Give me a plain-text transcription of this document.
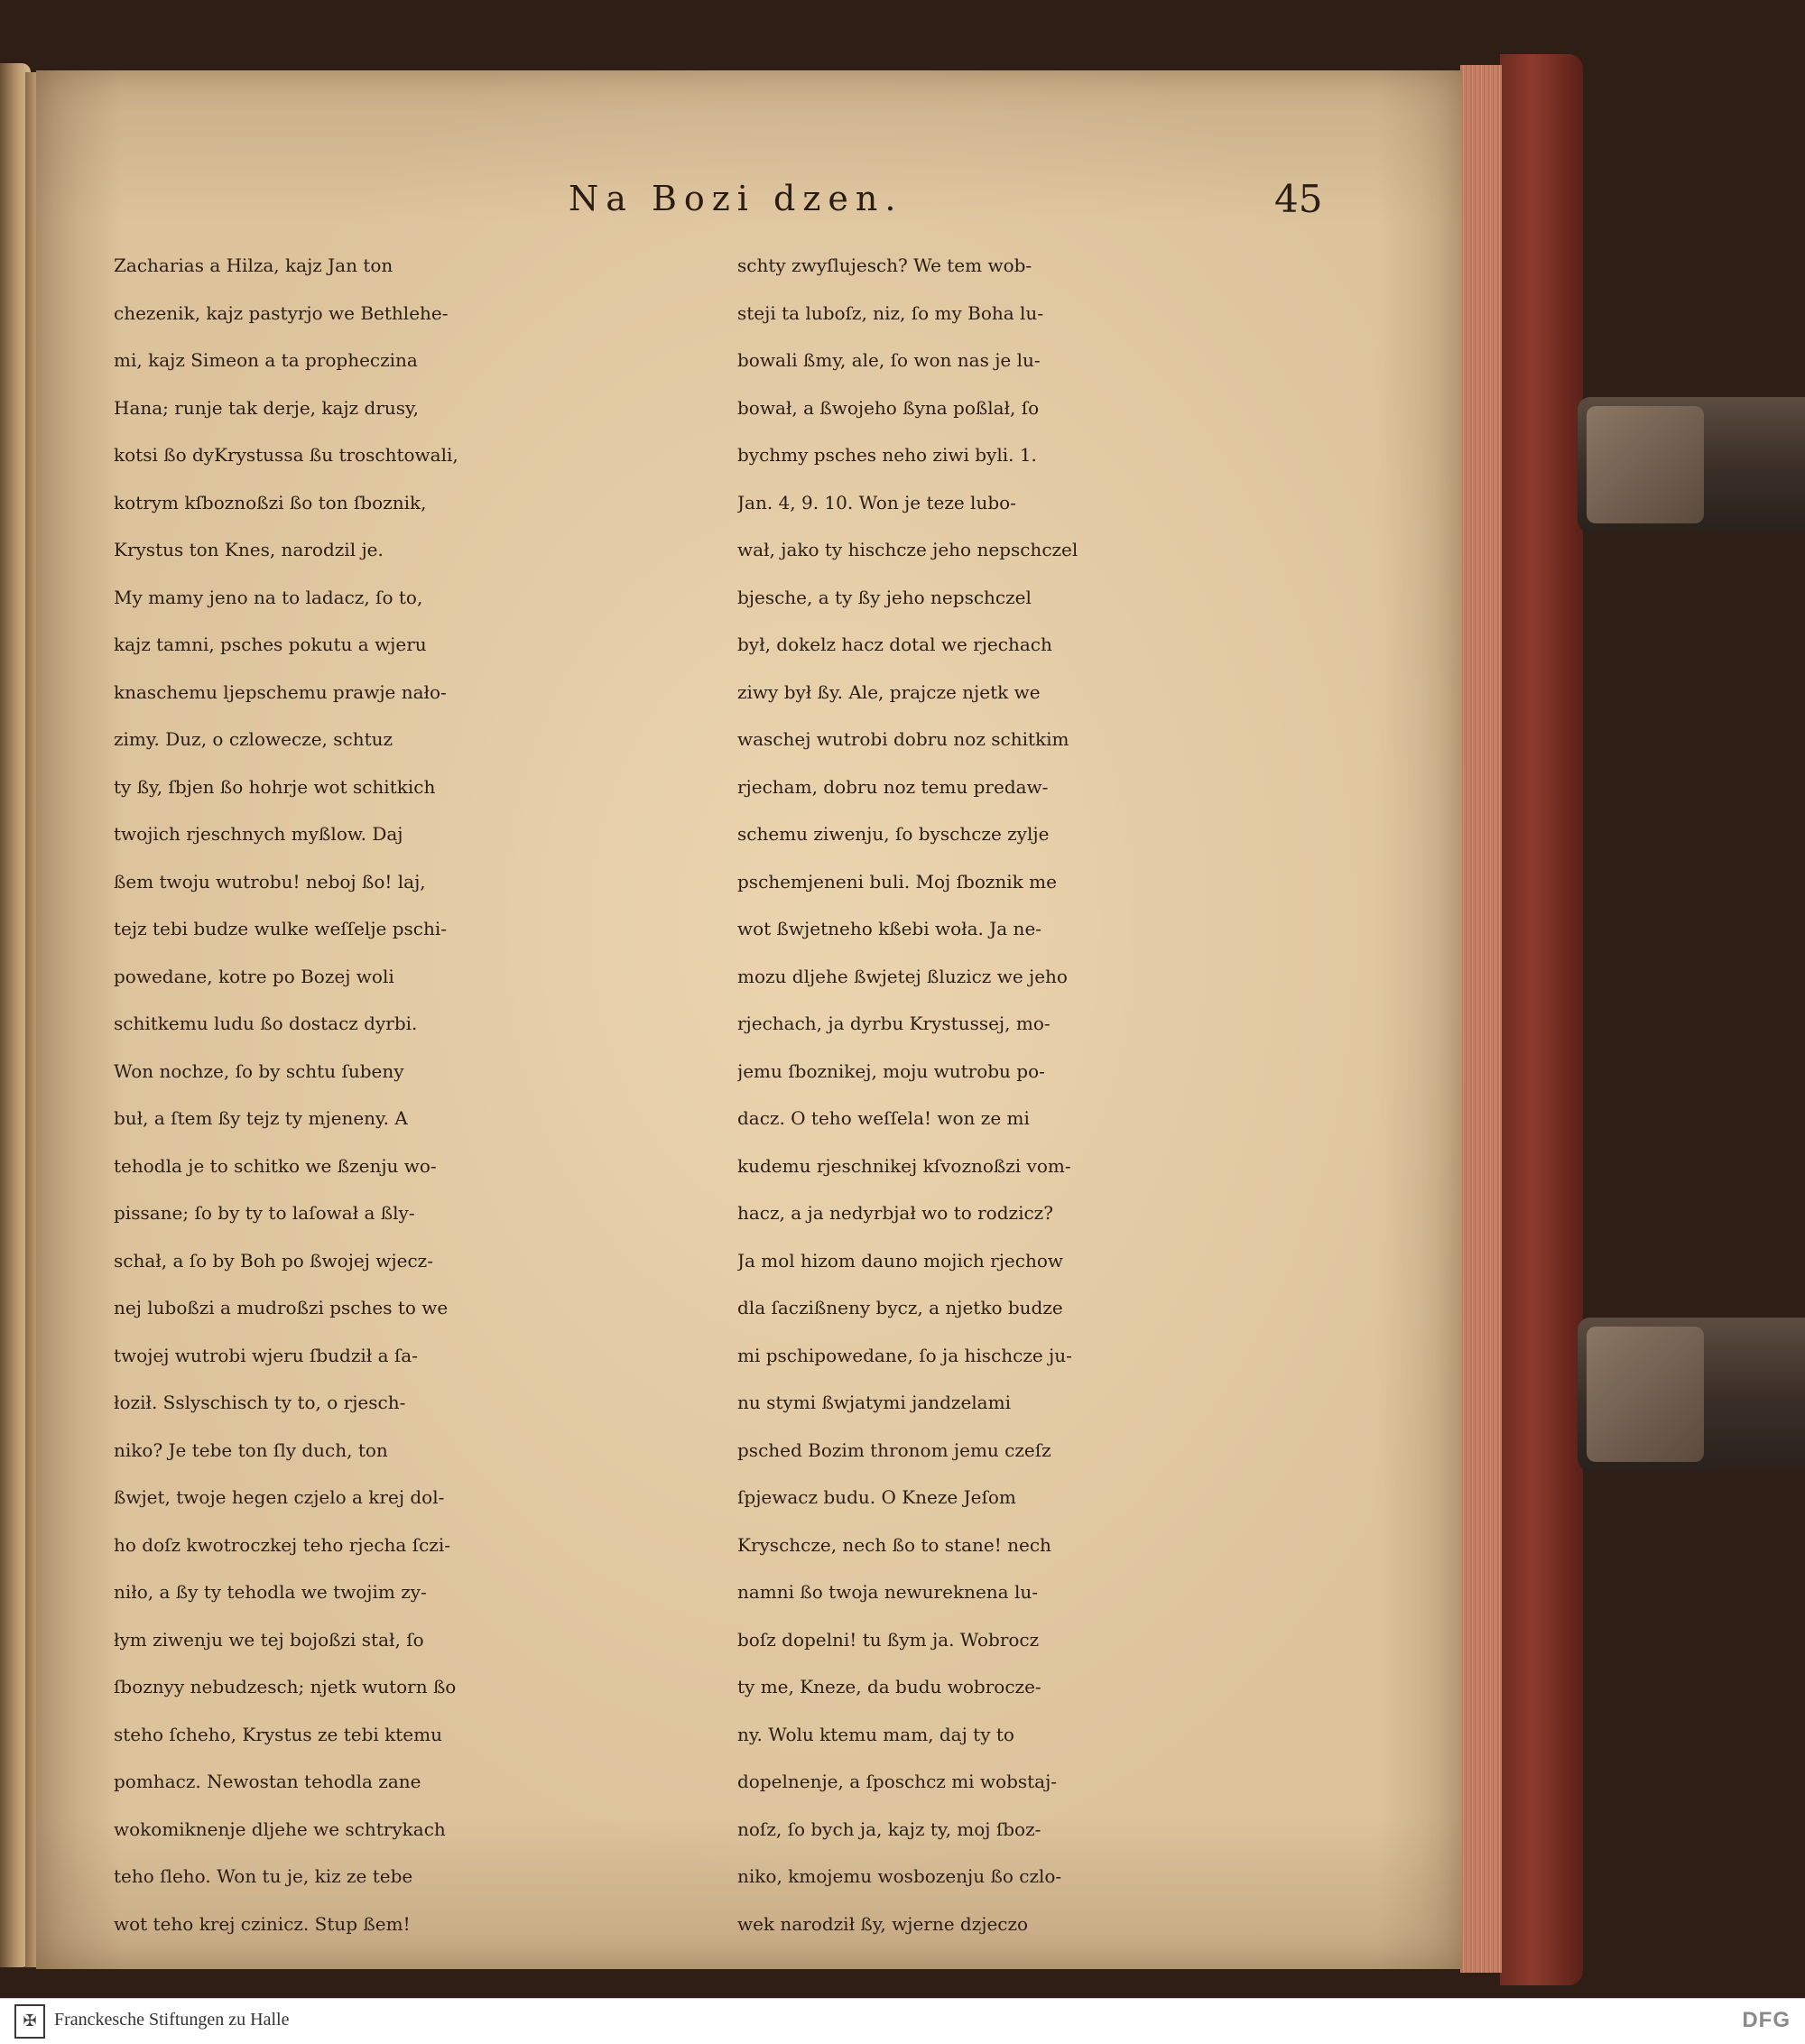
Na Bozi dzen.	45
Zacharias a Hilza, kajz Jan ton
chezenik, kajz pastyrjo we Bethlehe-
mi, kajz Simeon a ta propheczina
Hana; runje tak derje, kajz drusy,
kotsi ßo dyKrystussa ßu troschtowali,
kotrym kſboznoßzi ßo ton ſboznik,
Krystus ton Knes, narodzil je.
My mamy jeno na to ladacz, ſo to,
kajz tamni, psches pokutu a wjeru
knaschemu ljepschemu prawje nało-
zimy. Duz, o czlowecze, schtuz
ty ßy, ſbjen ßo hohrje wot schitkich
twojich rjeschnych myßlow. Daj
ßem twoju wutrobu! neboj ßo! laj,
tejz tebi budze wulke weſſelje pschi-
powedane, kotre po Bozej woli
schitkemu ludu ßo dostacz dyrbi.
Won nochze, ſo by schtu ſubeny
buł, a ſtem ßy tejz ty mjeneny. A
tehodla je to schitko we ßzenju wo-
pissane; ſo by ty to laſował a ßly-
schał, a ſo by Boh po ßwojej wjecz-
nej luboßzi a mudroßzi psches to we
twojej wutrobi wjeru ſbudził a ſa-
łoził. Sslyschisch ty to, o rjesch-
niko? Je tebe ton ſly duch, ton
ßwjet, twoje hegen czjelo a krej dol-
ho doſz kwotroczkej teho rjecha ſczi-
niło, a ßy ty tehodla we twojim zy-
łym ziwenju we tej bojoßzi stał, ſo
ſboznyy nebudzesch; njetk wutorn ßo
steho ſcheho, Krystus ze tebi ktemu
pomhacz. Newostan tehodla zane
wokomiknenje dljehe we schtrykach
teho ſleho. Won tu je, kiz ze tebe
wot teho krej czinicz. Stup ßem!
schty zwyſlujesch? We tem wob-
steji ta luboſz, niz, ſo my Boha lu-
bowali ßmy, ale, ſo won nas je lu-
bował, a ßwojeho ßyna poßlał, ſo
bychmy psches neho ziwi byli. 1.
Jan. 4, 9. 10. Won je teze lubo-
wał, jako ty hischcze jeho nepschczel
bjesche, a ty ßy jeho nepschczel
był, dokelz hacz dotal we rjechach
ziwy był ßy. Ale, prajcze njetk we
waschej wutrobi dobru noz schitkim
rjecham, dobru noz temu predaw-
schemu ziwenju, ſo byschcze zylje
pschemjeneni buli. Moj ſboznik me
wot ßwjetneho kßebi woła. Ja ne-
mozu dljehe ßwjetej ßluzicz we jeho
rjechach, ja dyrbu Krystussej, mo-
jemu ſboznikej, moju wutrobu po-
dacz. O teho weſſela! won ze mi
kudemu rjeschnikej kſvoznoßzi vom-
hacz, a ja nedyrbjał wo to rodzicz?
Ja mol hizom dauno mojich rjechow
dla ſaczißneny bycz, a njetko budze
mi pschipowedane, ſo ja hischcze ju-
nu stymi ßwjatymi jandzelami
psched Bozim thronom jemu czeſz
ſpjewacz budu. O Kneze Jeſom
Kryschcze, nech ßo to stane! nech
namni ßo twoja newureknena lu-
boſz dopelni! tu ßym ja. Wobrocz
ty me, Kneze, da budu wobrocze-
ny. Wolu ktemu mam, daj ty to
dopelnenje, a ſposchcz mi wobstaj-
noſz, ſo bych ja, kajz ty, moj ſboz-
niko, kmojemu wosbozenju ßo czlo-
wek narodził ßy, wjerne dzjeczo
✠ Franckesche Stiftungen zu Halle	DFG
